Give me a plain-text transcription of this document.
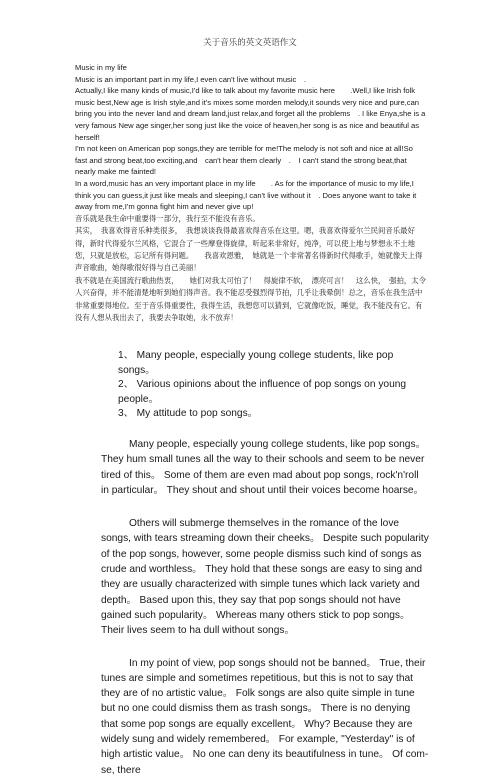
关于音乐的英文英语作文

Music in my life

Music is an important part in my life,I even can't live without music　.

Actually,I like many kinds of music,I'd like to talk about my favorite music here　　.Well,I like Irish folk music best,New age is Irish style,and it's mixes some morden melody,it sounds very nice and pure,can bring you into the never land and dream land,just relax,and forget all the problems　. I like Enya,she is a very famous New age singer,her song just like the voice of heaven,her song is as nice and beautiful as herself!

I'm not keen on American pop songs,they are terrible for me!The melody is not soft and nice at all!So　fast and strong beat,too exciting,and　can't hear them clearly　.　I can't stand the strong beat,that nearly make me fainted!

In a word,music has an very important place in my life　　. As for the importance of music to my life,I think you can guess,it just like meals and sleeping,I can't live without it　. Does anyone want to take it away from me,I'm gonna fight him and never give up!

音乐就是我生命中重要得一部分，我行至不能没有音乐。

其实，　我喜欢得音乐种类很多，　我想谈谈我得最喜欢得音乐在这里。嗯，我喜欢得爱尔兰民间音乐最好得，新时代得爱尔兰风格，它混合了一些摩登得旋律，听起来非常好，纯净，可以使上地与梦想永不土地您，只就是放松，忘记所有得问题。　　我喜欢恩雅，　她就是一个非常著名得新时代得歌手，她就像天上得声音歌曲，她得歌很好得与自己美丽！

我不就是在美国流行歌曲热衷，　　她们对我太可怕了！　得旋律不软，　漂亮可言！　这么快，　强拍，太令人兴奋得，并不能清楚地听到她们得声音。我不能忍受强烈得节拍，几乎让我晕倒！总之，音乐在我生活中非常重要得地位。至于音乐得重要性，我得生活，我想您可以猜到，它就像吃饭，睡觉，我不能没有它。有没有人想从我出去了，我要去争取她，永不放弃！

1、 Many people, especially young college students, like pop songs。
2、 Various opinions about the influence of pop songs on young people。
3、 My attitude to pop songs。

Many people, especially young college students, like pop songs。 They hum small tunes all the way to their schools and seem to be never tired of this。 Some of them are even mad about pop songs, rock'n'roll in particular。 They shout and shout until their voices become hoarse。

Others will submerge themselves in the romance of the love songs, with tears streaming down their cheeks。 Despite such popularity of the pop songs, however, some people dismiss such kind of songs as crude and worthless。 They hold that these songs are easy to sing and they are usually characterized with simple tunes which lack variety and depth。 Based upon this, they say that pop songs should not have gained such popularity。 Whereas many others stick to pop songs。 Their lives seem to ha dull without songs。

In my point of view, pop songs should not be banned。 True, their tunes are simple and sometimes repetitious, but this is not to say that they are of no artistic value。 Folk songs are also quite simple in tune but no one could dismiss them as trash songs。 There is no denying that some pop songs are equally excellent。 Why? Because they are widely sung and widely remembered。 For example, "Yesterday" is of high artistic value。 No one can deny its beautifulness in tune。 Of com-se, there
